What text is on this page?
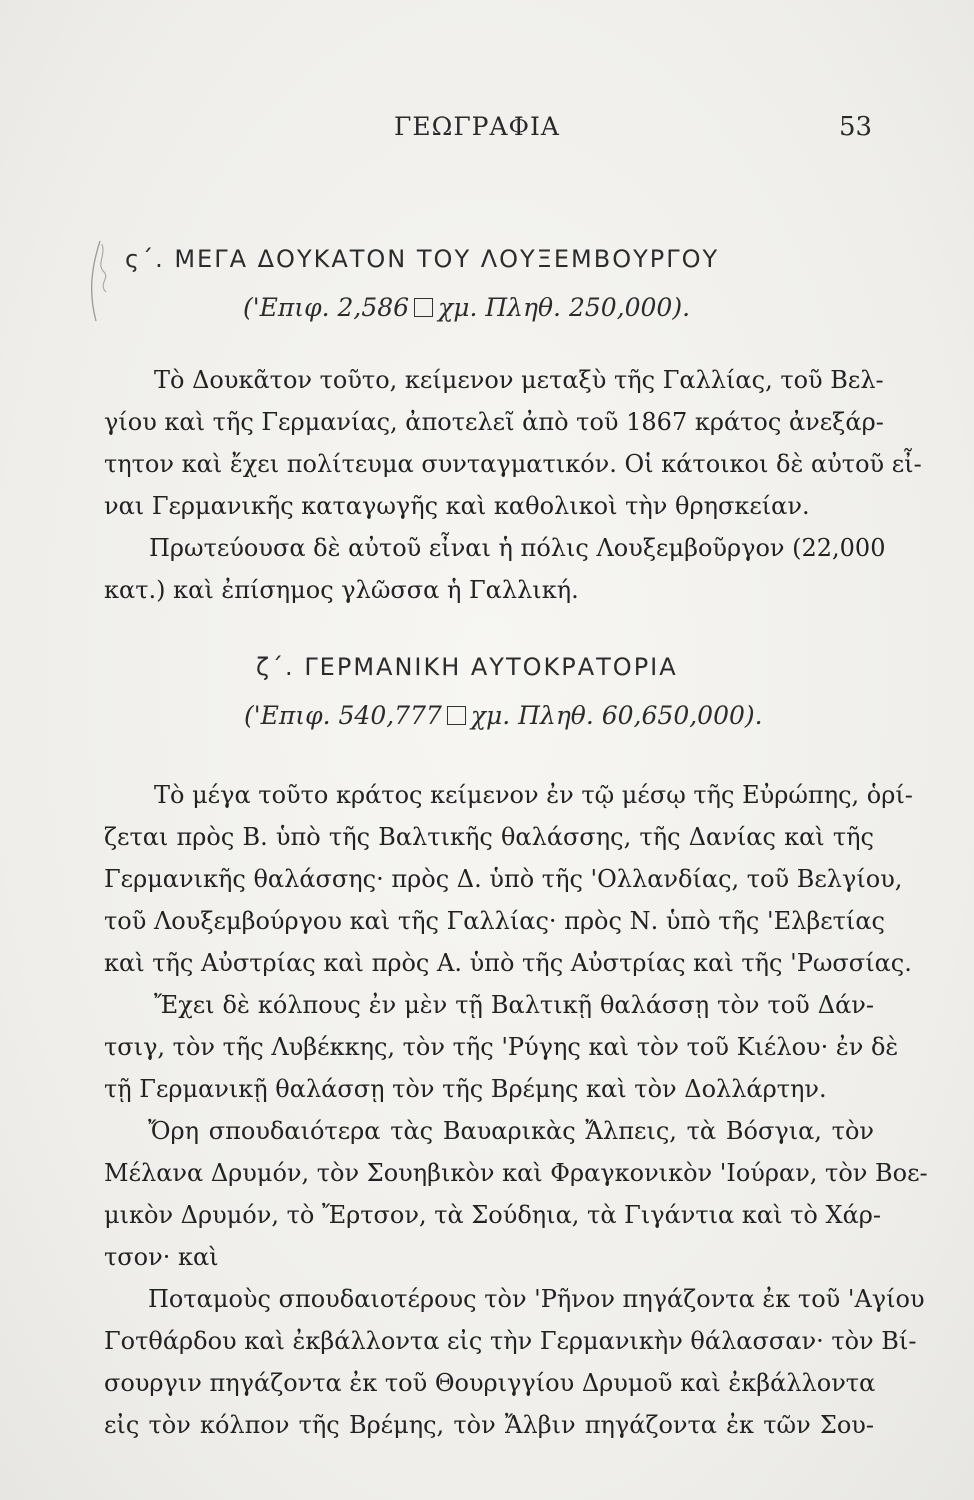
ΓΕΩΓΡΑΦΙΑ	53
ς΄. ΜΕΓΑ ΔΟΥΚΑΤΟΝ ΤΟΥ ΛΟΥΞΕΜΒΟΥΡΓΟΥ
('Επιφ. 2,586 χμ. Πληθ. 250,000).
Τὸ Δουκᾶτον τοῦτο, κείμενον μεταξὺ τῆς Γαλλίας, τοῦ Βελ-
γίου καὶ τῆς Γερμανίας, ἀποτελεῖ ἀπὸ τοῦ 1867 κράτος ἀνεξάρ-
τητον καὶ ἔχει πολίτευμα συνταγματικόν. Οἱ κάτοικοι δὲ αὐτοῦ εἶ-
ναι Γερμανικῆς καταγωγῆς καὶ καθολικοὶ τὴν θρησκείαν.
Πρωτεύουσα δὲ αὐτοῦ εἶναι ἡ πόλις Λουξεμβοῦργον (22,000
κατ.) καὶ ἐπίσημος γλῶσσα ἡ Γαλλική.
ζ΄. ΓΕΡΜΑΝΙΚΗ ΑΥΤΟΚΡΑΤΟΡΙΑ
('Επιφ. 540,777 χμ. Πληθ. 60,650,000).
Τὸ μέγα τοῦτο κράτος κείμενον ἐν τῷ μέσῳ τῆς Εὐρώπης, ὁρί-
ζεται πρὸς Β. ὑπὸ τῆς Βαλτικῆς θαλάσσης, τῆς Δανίας καὶ τῆς
Γερμανικῆς θαλάσσης· πρὸς Δ. ὑπὸ τῆς 'Ολλανδίας, τοῦ Βελγίου,
τοῦ Λουξεμβούργου καὶ τῆς Γαλλίας· πρὸς Ν. ὑπὸ τῆς 'Ελβετίας
καὶ τῆς Αὐστρίας καὶ πρὸς Α. ὑπὸ τῆς Αὐστρίας καὶ τῆς 'Ρωσσίας.
Ἔχει δὲ κόλπους ἐν μὲν τῇ Βαλτικῇ θαλάσσῃ τὸν τοῦ Δάν-
τσιγ, τὸν τῆς Λυβέκκης, τὸν τῆς 'Ρύγης καὶ τὸν τοῦ Κιέλου· ἐν δὲ
τῇ Γερμανικῇ θαλάσσῃ τὸν τῆς Βρέμης καὶ τὸν Δολλάρτην.
Ὄρη σπουδαιότερα τὰς Βαυαρικὰς Ἄλπεις, τὰ Βόσγια, τὸν
Μέλανα Δρυμόν, τὸν Σουηβικὸν καὶ Φραγκονικὸν 'Ιούραν, τὸν Βοε-
μικὸν Δρυμόν, τὸ Ἔρτσον, τὰ Σούδηια, τὰ Γιγάντια καὶ τὸ Χάρ-
τσον· καὶ
Ποταμοὺς σπουδαιοτέρους τὸν 'Ρῆνον πηγάζοντα ἐκ τοῦ 'Αγίου
Γοτθάρδου καὶ ἐκβάλλοντα εἰς τὴν Γερμανικὴν θάλασσαν· τὸν Βί-
σουργιν πηγάζοντα ἐκ τοῦ Θουριγγίου Δρυμοῦ καὶ ἐκβάλλοντα
εἰς τὸν κόλπον τῆς Βρέμης, τὸν Ἄλβιν πηγάζοντα ἐκ τῶν Σου-
